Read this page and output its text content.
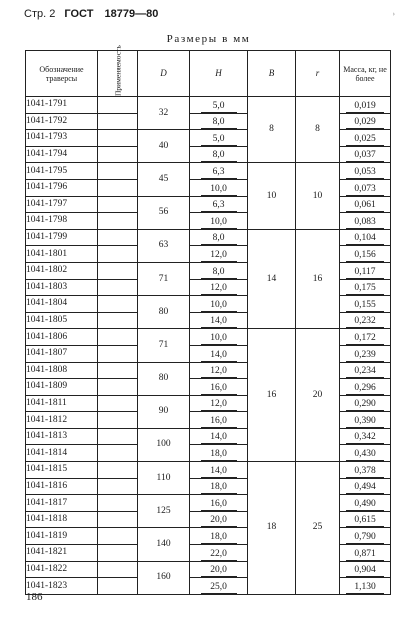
Стр. 2 ГОСТ 18779—80	›
Размеры в мм
Обозначение траверсы	Применяемость	D	H	B	r	Масса, кг, не более
1041-1791		32	5,0	8	8	0,019
1041-1792			8,0			0,029
1041-1793		40	5,0			0,025
1041-1794			8,0			0,037
1041-1795		45	6,3	10	10	0,053
1041-1796			10,0			0,073
1041-1797		56	6,3			0,061
1041-1798			10,0			0,083
1041-1799		63	8,0	14	16	0,104
1041-1801			12,0			0,156
1041-1802		71	8,0			0,117
1041-1803			12,0			0,175
1041-1804		80	10,0			0,155
1041-1805			14,0			0,232
1041-1806		71	10,0	16	20	0,172
1041-1807			14,0			0,239
1041-1808		80	12,0			0,234
1041-1809			16,0			0,296
1041-1811		90	12,0			0,290
1041-1812			16,0			0,390
1041-1813		100	14,0			0,342
1041-1814			18,0			0,430
1041-1815		110	14,0	18	25	0,378
1041-1816			18,0			0,494
1041-1817		125	16,0			0,490
1041-1818			20,0			0,615
1041-1819		140	18,0			0,790
1041-1821			22,0			0,871
1041-1822		160	20,0			0,904
1041-1823			25,0			1,130
186
